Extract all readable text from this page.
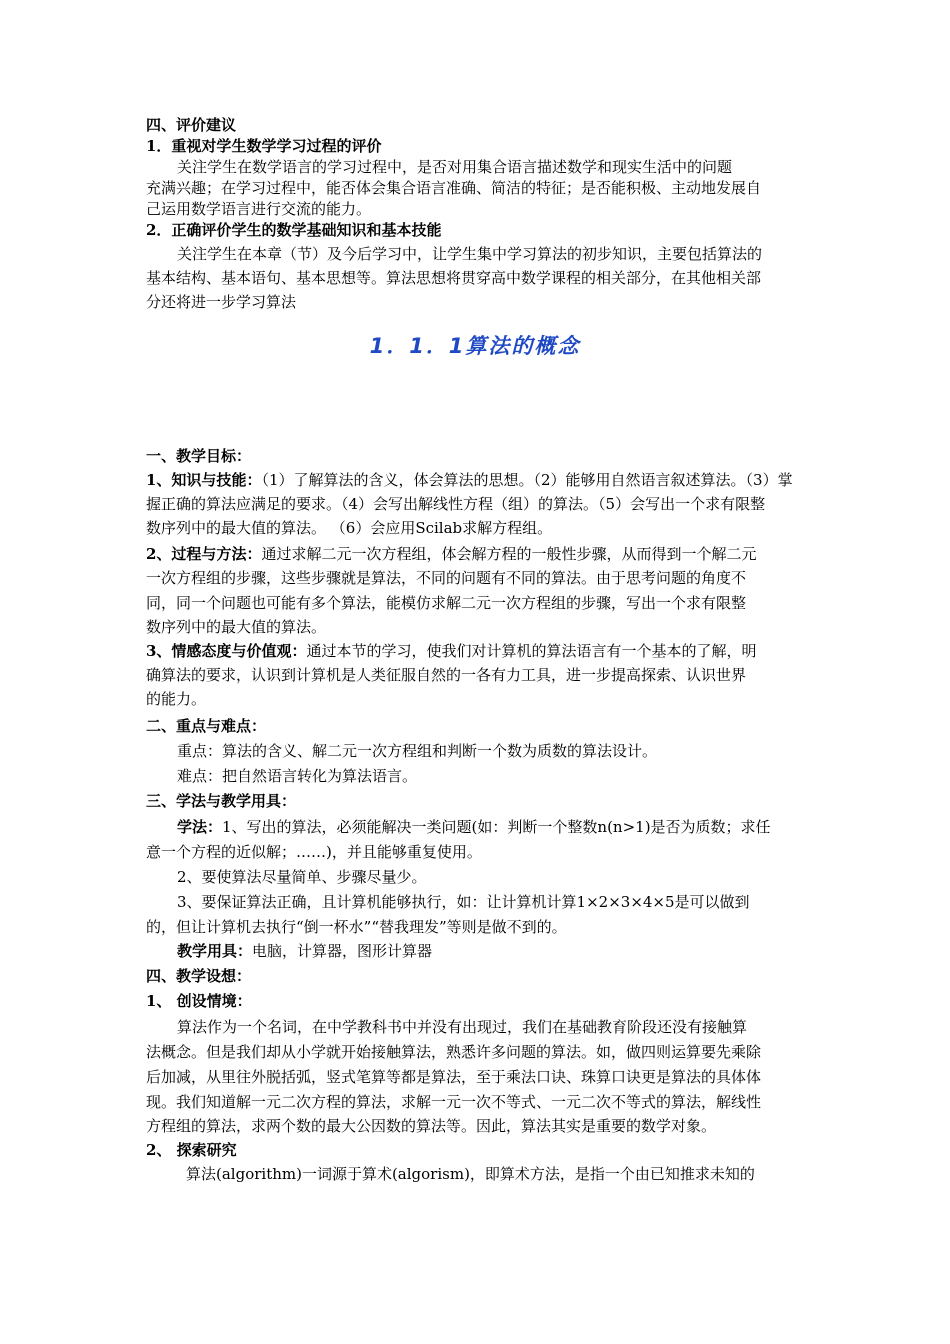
四、评价建议
1．重视对学生数学学习过程的评价
关注学生在数学语言的学习过程中，是否对用集合语言描述数学和现实生活中的问题
充满兴趣；在学习过程中，能否体会集合语言准确、简洁的特征；是否能积极、主动地发展自
己运用数学语言进行交流的能力。
2．正确评价学生的数学基础知识和基本技能
关注学生在本章（节）及今后学习中，让学生集中学习算法的初步知识，主要包括算法的
基本结构、基本语句、基本思想等。算法思想将贯穿高中数学课程的相关部分，在其他相关部
分还将进一步学习算法
1．1．1算法的概念
一、教学目标：
1、知识与技能：（1）了解算法的含义，体会算法的思想。（2）能够用自然语言叙述算法。（3）掌
握正确的算法应满足的要求。（4）会写出解线性方程（组）的算法。（5）会写出一个求有限整
数序列中的最大值的算法。 （6）会应用Scilab求解方程组。
2、过程与方法：通过求解二元一次方程组，体会解方程的一般性步骤，从而得到一个解二元
一次方程组的步骤，这些步骤就是算法，不同的问题有不同的算法。由于思考问题的角度不
同，同一个问题也可能有多个算法，能模仿求解二元一次方程组的步骤，写出一个求有限整
数序列中的最大值的算法。
3、情感态度与价值观：通过本节的学习，使我们对计算机的算法语言有一个基本的了解，明
确算法的要求，认识到计算机是人类征服自然的一各有力工具，进一步提高探索、认识世界
的能力。
二、重点与难点：
重点：算法的含义、解二元一次方程组和判断一个数为质数的算法设计。
难点：把自然语言转化为算法语言。
三、学法与教学用具：
学法：1、写出的算法，必须能解决一类问题(如：判断一个整数n(n>1)是否为质数；求任
意一个方程的近似解；……)，并且能够重复使用。
2、要使算法尽量简单、步骤尽量少。
3、要保证算法正确，且计算机能够执行，如：让计算机计算1×2×3×4×5是可以做到
的，但让计算机去执行“倒一杯水”“替我理发”等则是做不到的。
教学用具：电脑，计算器，图形计算器
四、教学设想：
1、 创设情境：
算法作为一个名词，在中学教科书中并没有出现过，我们在基础教育阶段还没有接触算
法概念。但是我们却从小学就开始接触算法，熟悉许多问题的算法。如，做四则运算要先乘除
后加减，从里往外脱括弧，竖式笔算等都是算法，至于乘法口诀、珠算口诀更是算法的具体体
现。我们知道解一元二次方程的算法，求解一元一次不等式、一元二次不等式的算法，解线性
方程组的算法，求两个数的最大公因数的算法等。因此，算法其实是重要的数学对象。
2、 探索研究
算法(algorithm)一词源于算术(algorism)，即算术方法，是指一个由已知推求未知的
